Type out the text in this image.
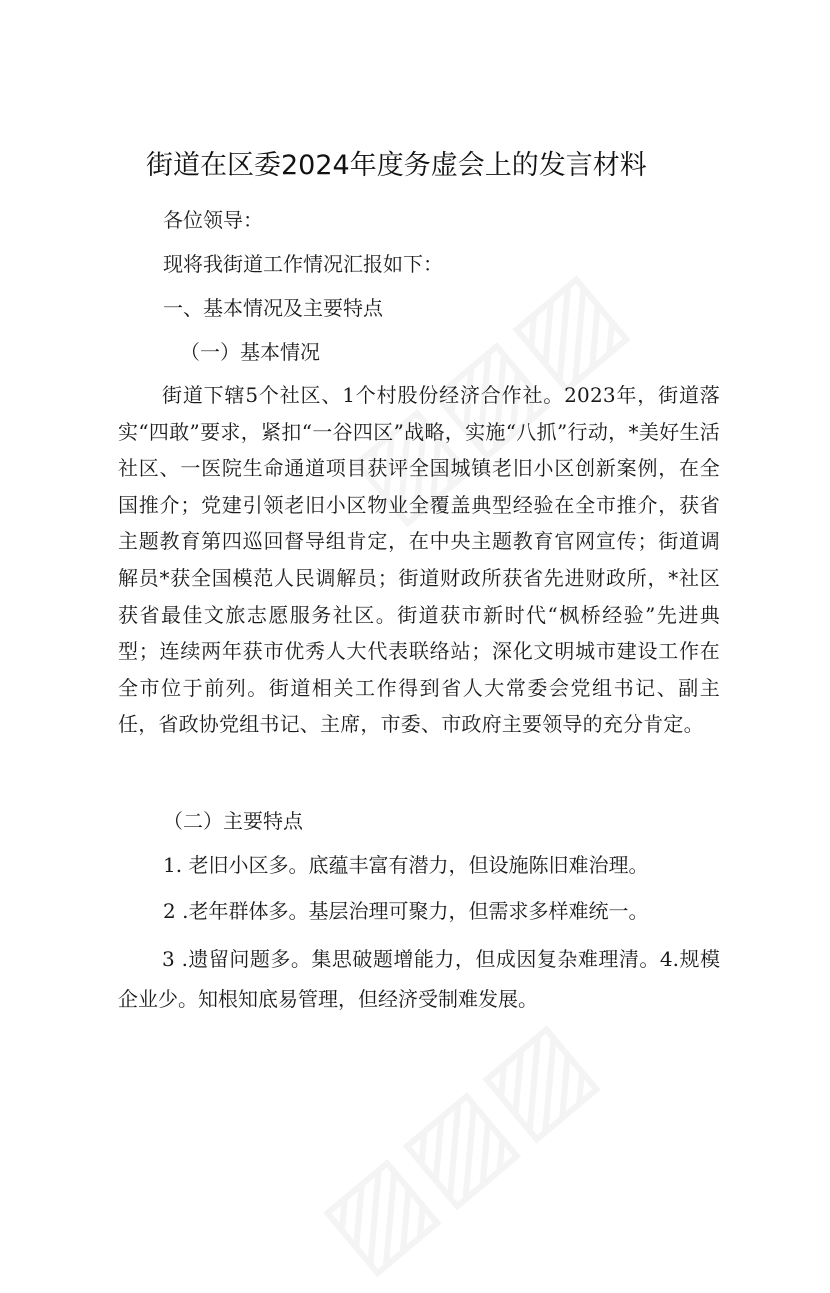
街道在区委2024年度务虚会上的发言材料
各位领导：
现将我街道工作情况汇报如下：
一、基本情况及主要特点
（一）基本情况
街道下辖5个社区、1个村股份经济合作社。2023年，街道落实“四敢”要求，紧扣“一谷四区”战略，实施“八抓”行动，*美好生活社区、一医院生命通道项目获评全国城镇老旧小区创新案例，在全国推介；党建引领老旧小区物业全覆盖典型经验在全市推介，获省主题教育第四巡回督导组肯定，在中央主题教育官网宣传；街道调解员*获全国模范人民调解员；街道财政所获省先进财政所，*社区获省最佳文旅志愿服务社区。街道获市新时代“枫桥经验”先进典型；连续两年获市优秀人大代表联络站；深化文明城市建设工作在全市位于前列。街道相关工作得到省人大常委会党组书记、副主任，省政协党组书记、主席，市委、市政府主要领导的充分肯定。
（二）主要特点
1. 老旧小区多。底蕴丰富有潜力，但设施陈旧难治理。
2 .老年群体多。基层治理可聚力，但需求多样难统一。
3 .遗留问题多。集思破题增能力，但成因复杂难理清。4.规模企业少。知根知底易管理，但经济受制难发展。
